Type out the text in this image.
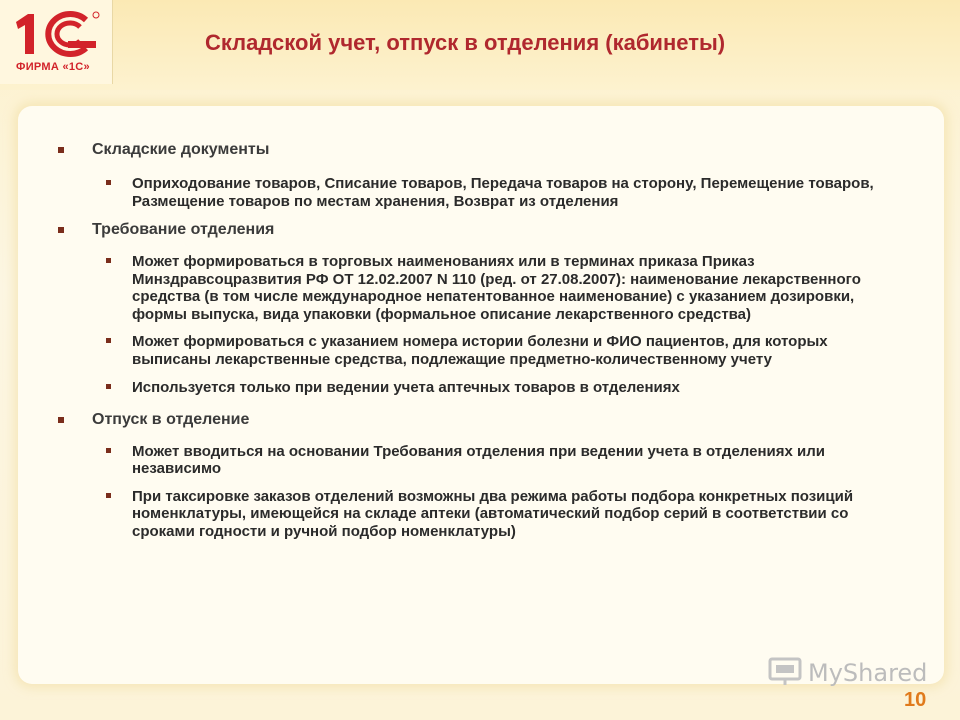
ФИРМА «1С»
Складской учет, отпуск в отделения (кабинеты)
Складские документы
Оприходование товаров, Списание товаров, Передача товаров на сторону, Перемещение товаров, Размещение товаров по местам хранения, Возврат из отделения
Требование отделения
Может формироваться в торговых наименованиях или в терминах приказа Приказ Минздравсоцразвития РФ ОТ 12.02.2007 N 110 (ред. от 27.08.2007): наименование лекарственного средства (в том числе международное непатентованное наименование) с указанием дозировки, формы выпуска, вида упаковки (формальное описание лекарственного средства)
Может формироваться с указанием номера истории болезни и ФИО пациентов, для которых выписаны лекарственные средства, подлежащие предметно-количественному учету
Используется только при ведении учета аптечных товаров в отделениях
Отпуск в отделение
Может вводиться на основании Требования отделения при ведении учета в отделениях или независимо
При таксировке заказов отделений возможны два режима работы подбора конкретных позиций номенклатуры, имеющейся на складе аптеки (автоматический подбор серий в соответствии со сроками годности и ручной подбор номенклатуры)
MyShared
10
